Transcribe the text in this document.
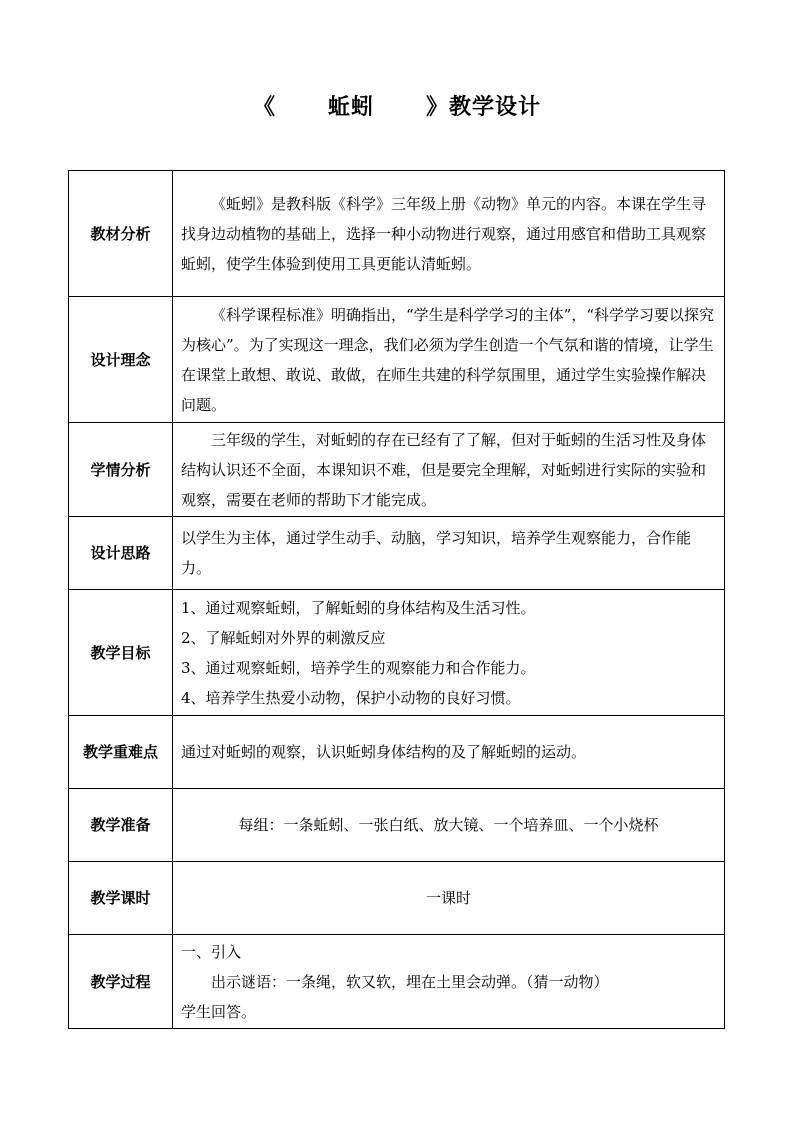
《      蚯蚓      》教学设计
教材分析	《蚯蚓》是教科版《科学》三年级上册《动物》单元的内容。本课在学生寻找身边动植物的基础上，选择一种小动物进行观察，通过用感官和借助工具观察蚯蚓，使学生体验到使用工具更能认清蚯蚓。

设计理念	《科学课程标准》明确指出，“学生是科学学习的主体”，“科学学习要以探究为核心”。为了实现这一理念，我们必须为学生创造一个气氛和谐的情境，让学生在课堂上敢想、敢说、敢做，在师生共建的科学氛围里，通过学生实验操作解决问题。

学情分析	三年级的学生，对蚯蚓的存在已经有了了解，但对于蚯蚓的生活习性及身体结构认识还不全面，本课知识不难，但是要完全理解，对蚯蚓进行实际的实验和观察，需要在老师的帮助下才能完成。

设计思路	以学生为主体，通过学生动手、动脑，学习知识，培养学生观察能力，合作能力。

教学目标	1、通过观察蚯蚓，了解蚯蚓的身体结构及生活习性。

2、了解蚯蚓对外界的刺激反应

3、通过观察蚯蚓，培养学生的观察能力和合作能力。

4、培养学生热爱小动物，保护小动物的良好习惯。

教学重难点	通过对蚯蚓的观察，认识蚯蚓身体结构的及了解蚯蚓的运动。

教学准备	每组：一条蚯蚓、一张白纸、放大镜、一个培养皿、一个小烧杯

教学课时	一课时

教学过程	一、引入

出示谜语：一条绳，软又软，埋在土里会动弹。（猜一动物）

学生回答。
